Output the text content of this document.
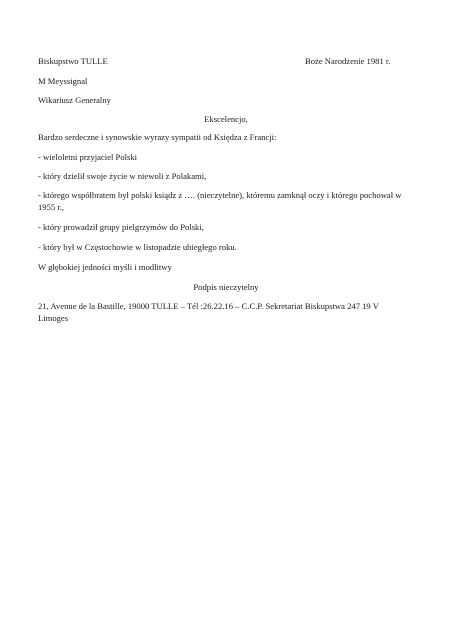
Biskupstwo TULLE	Boże Narodzenie 1981 r.

M Meyssignal

Wikariusz Generalny

Ekscelencjo,

Bardzo serdeczne i synowskie wyrazy sympatii od Księdza z Francji:

- wieloletni przyjaciel Polski

- który dzielił swoje życie w niewoli z Polakami,

- którego współbratem był polski ksiądz z …. (nieczytelne), któremu zamknął oczy i którego pochował w 1955 r.,

- który prowadził grupy pielgrzymów do Polski,

- który był w Częstochowie w listopadzie ubiegłego roku.

W głębokiej jedności myśli i modlitwy

Podpis nieczytelny

21, Avenue de la Bastille, 19000 TULLE – Tél :26.22.16 – C.C.P. Sekretariat Biskupstwa 247 19 V Limoges
